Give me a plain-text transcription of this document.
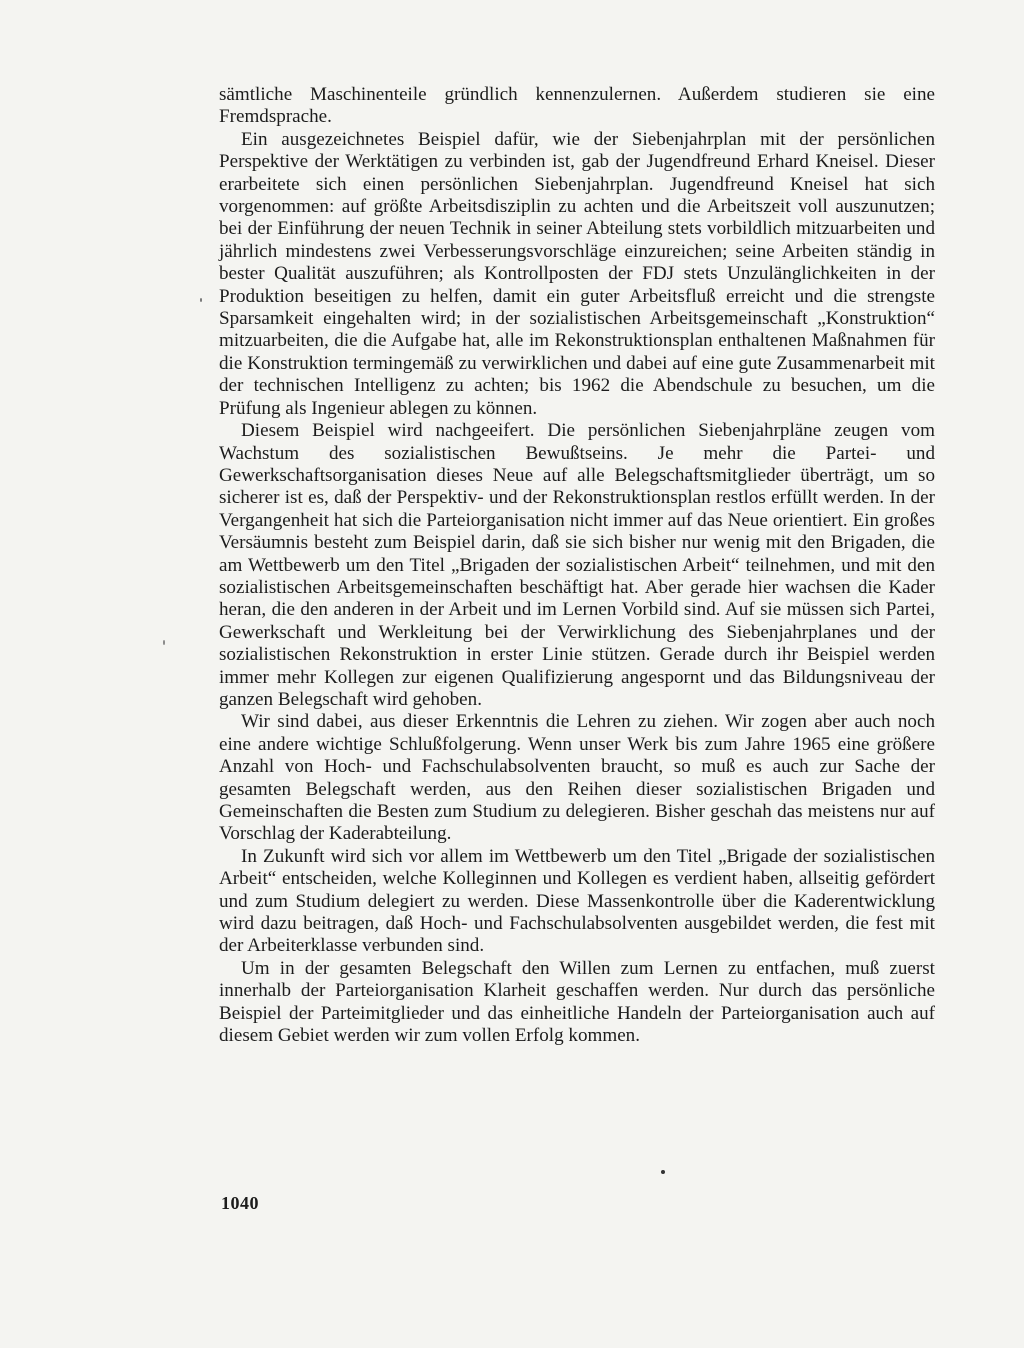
sämtliche Maschinenteile gründlich kennenzulernen. Außerdem studieren sie eine Fremdsprache.

Ein ausgezeichnetes Beispiel dafür, wie der Siebenjahrplan mit der persönlichen Perspektive der Werktätigen zu verbinden ist, gab der Jugendfreund Erhard Kneisel. Dieser erarbeitete sich einen persönlichen Siebenjahrplan. Jugendfreund Kneisel hat sich vorgenommen: auf größte Arbeitsdisziplin zu achten und die Arbeitszeit voll auszunutzen; bei der Einführung der neuen Technik in seiner Abteilung stets vorbildlich mitzuarbeiten und jährlich mindestens zwei Verbesserungsvorschläge einzureichen; seine Arbeiten ständig in bester Qualität auszuführen; als Kontrollposten der FDJ stets Unzulänglichkeiten in der Produktion beseitigen zu helfen, damit ein guter Arbeitsfluß erreicht und die strengste Sparsamkeit eingehalten wird; in der sozialistischen Arbeitsgemeinschaft „Konstruktion“ mitzuarbeiten, die die Aufgabe hat, alle im Rekonstruktionsplan enthaltenen Maßnahmen für die Konstruktion termingemäß zu verwirklichen und dabei auf eine gute Zusammenarbeit mit der technischen Intelligenz zu achten; bis 1962 die Abendschule zu besuchen, um die Prüfung als Ingenieur ablegen zu können.

Diesem Beispiel wird nachgeeifert. Die persönlichen Siebenjahrpläne zeugen vom Wachstum des sozialistischen Bewußtseins. Je mehr die Partei- und Gewerkschaftsorganisation dieses Neue auf alle Belegschaftsmitglieder überträgt, um so sicherer ist es, daß der Perspektiv- und der Rekonstruktionsplan restlos erfüllt werden. In der Vergangenheit hat sich die Parteiorganisation nicht immer auf das Neue orientiert. Ein großes Versäumnis besteht zum Beispiel darin, daß sie sich bisher nur wenig mit den Brigaden, die am Wettbewerb um den Titel „Brigaden der sozialistischen Arbeit“ teilnehmen, und mit den sozialistischen Arbeitsgemeinschaften beschäftigt hat. Aber gerade hier wachsen die Kader heran, die den anderen in der Arbeit und im Lernen Vorbild sind. Auf sie müssen sich Partei, Gewerkschaft und Werkleitung bei der Verwirklichung des Siebenjahrplanes und der sozialistischen Rekonstruktion in erster Linie stützen. Gerade durch ihr Beispiel werden immer mehr Kollegen zur eigenen Qualifizierung angespornt und das Bildungsniveau der ganzen Belegschaft wird gehoben.

Wir sind dabei, aus dieser Erkenntnis die Lehren zu ziehen. Wir zogen aber auch noch eine andere wichtige Schlußfolgerung. Wenn unser Werk bis zum Jahre 1965 eine größere Anzahl von Hoch- und Fachschulabsolventen braucht, so muß es auch zur Sache der gesamten Belegschaft werden, aus den Reihen dieser sozialistischen Brigaden und Gemeinschaften die Besten zum Studium zu delegieren. Bisher geschah das meistens nur auf Vorschlag der Kaderabteilung.

In Zukunft wird sich vor allem im Wettbewerb um den Titel „Brigade der sozialistischen Arbeit“ entscheiden, welche Kolleginnen und Kollegen es verdient haben, allseitig gefördert und zum Studium delegiert zu werden. Diese Massenkontrolle über die Kaderentwicklung wird dazu beitragen, daß Hoch- und Fachschulabsolventen ausgebildet werden, die fest mit der Arbeiterklasse verbunden sind.

Um in der gesamten Belegschaft den Willen zum Lernen zu entfachen, muß zuerst innerhalb der Parteiorganisation Klarheit geschaffen werden. Nur durch das persönliche Beispiel der Parteimitglieder und das einheitliche Handeln der Parteiorganisation auch auf diesem Gebiet werden wir zum vollen Erfolg kommen.

1040
